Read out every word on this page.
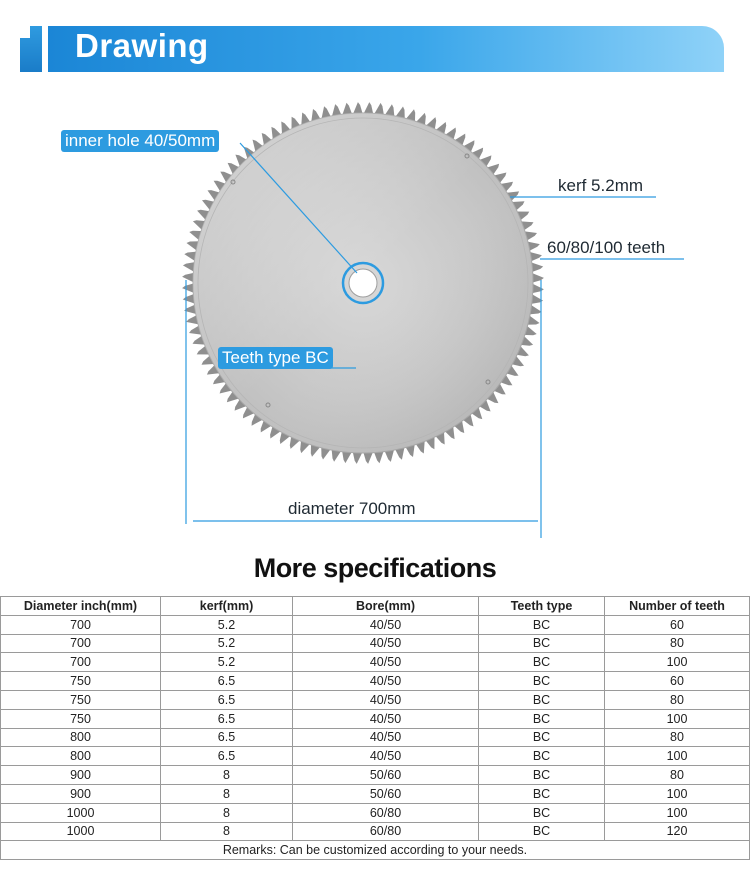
Drawing
inner hole 40/50mm
kerf 5.2mm
60/80/100 teeth
Teeth type BC
diameter 700mm
More specifications
Diameter inch(mm)	kerf(mm)	Bore(mm)	Teeth type	Number of teeth
700	5.2	40/50	BC	60
700	5.2	40/50	BC	80
700	5.2	40/50	BC	100
750	6.5	40/50	BC	60
750	6.5	40/50	BC	80
750	6.5	40/50	BC	100
800	6.5	40/50	BC	80
800	6.5	40/50	BC	100
900	8	50/60	BC	80
900	8	50/60	BC	100
1000	8	60/80	BC	100
1000	8	60/80	BC	120
Remarks: Can be customized according to your needs.				
